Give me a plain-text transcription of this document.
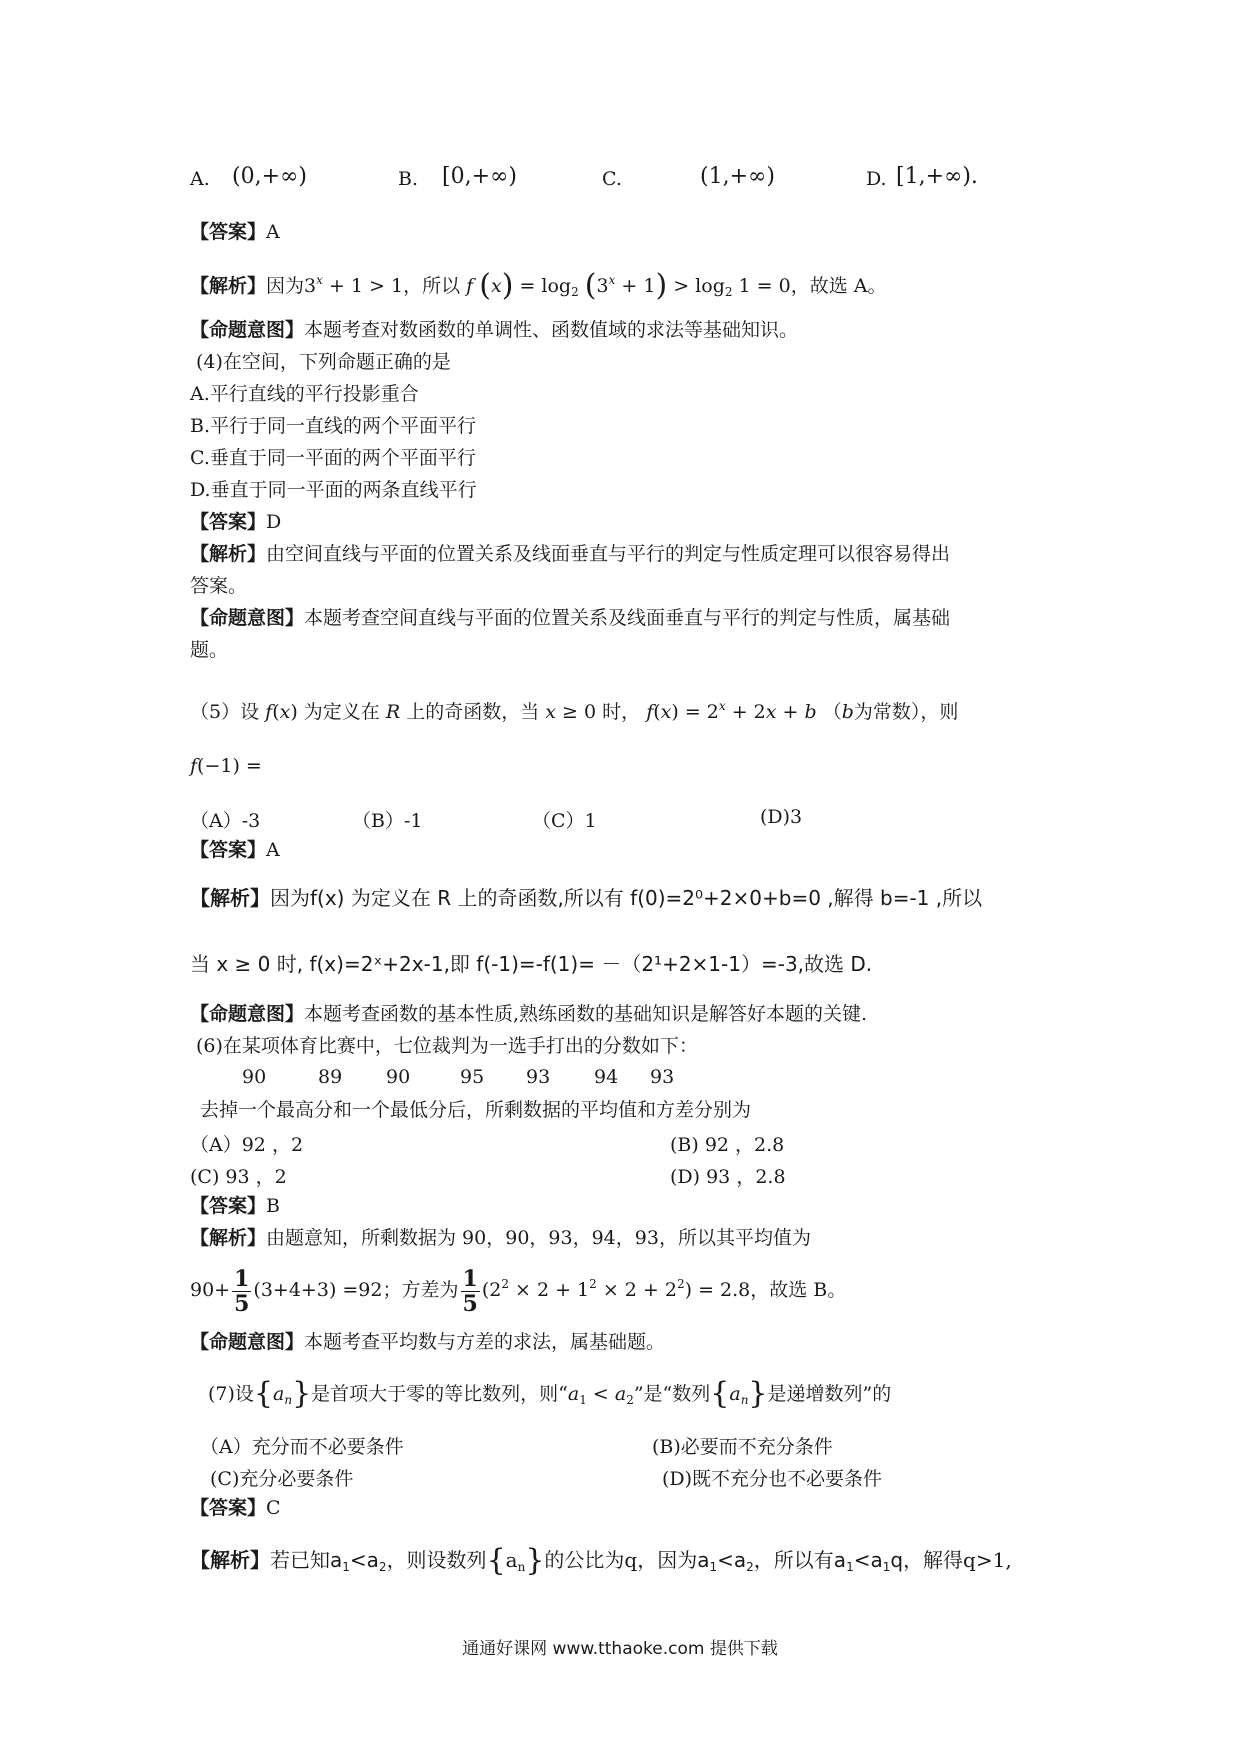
A. (0,+∞)	B. [0,+∞)	C.	(1,+∞)	D. [1,+∞).
【答案】A
【解析】因为$3^x + 1 > 1$，所以 f $(x) = \log_2 (3^x + 1) > \log_2 1 = 0$，故选 A。
【命题意图】本题考查对数函数的单调性、函数值域的求法等基础知识。
(4)在空间，下列命题正确的是
A.平行直线的平行投影重合
B.平行于同一直线的两个平面平行
C.垂直于同一平面的两个平面平行
D.垂直于同一平面的两条直线平行
【答案】D
【解析】由空间直线与平面的位置关系及线面垂直与平行的判定与性质定理可以很容易得出
答案。
【命题意图】本题考查空间直线与平面的位置关系及线面垂直与平行的判定与性质，属基础
题。
（5）设 f(x) 为定义在 R 上的奇函数，当 x ≥ 0 时， $f(x) = 2^x + 2x + b$ （b为常数），则
f(−1) =
（A）-3	（B）-1	（C）1	(D)3
【答案】A
【解析】因为f(x) 为定义在 R 上的奇函数,所以有 f(0)=2⁰+2×0+b=0 ,解得 b=-1 ,所以
当 x ≥ 0 时, f(x)=2ˣ+2x-1,即 f(-1)=-f(1)= －（2¹+2×1-1）=-3,故选 D.
【命题意图】本题考查函数的基本性质,熟练函数的基础知识是解答好本题的关键.
(6)在某项体育比赛中，七位裁判为一选手打出的分数如下：
90	89 90	95 93 94 93
去掉一个最高分和一个最低分后，所剩数据的平均值和方差分别为
（A）92 ，2	(B) 92 ，2.8
(C) 93 ，2	(D) 93 ，2.8
【答案】B
【解析】由题意知，所剩数据为 90，90，93，94，93，所以其平均值为
$90+ \frac{1}{5} (3+4+3) =92$；方差为 $\frac{1}{5} (2^2 \times 2 + 1^2 \times 2 + 2^2) = 2.8$，故选 B。
【命题意图】本题考查平均数与方差的求法，属基础题。
(7)设$\{a_n\}$是首项大于零的等比数列，则“$a_1 < a_2$”是“数列$\{a_n\}$是递增数列”的
（A）充分而不必要条件	(B)必要而不充分条件
(C)充分必要条件	(D)既不充分也不必要条件
【答案】C
【解析】若已知$a_1<a_2$，则设数列$\{a_n\}$的公比为q，因为$a_1<a_2$，所以有$a_1<a_1q$，解得q>1,
通通好课网 www.tthaoke.com 提供下载
